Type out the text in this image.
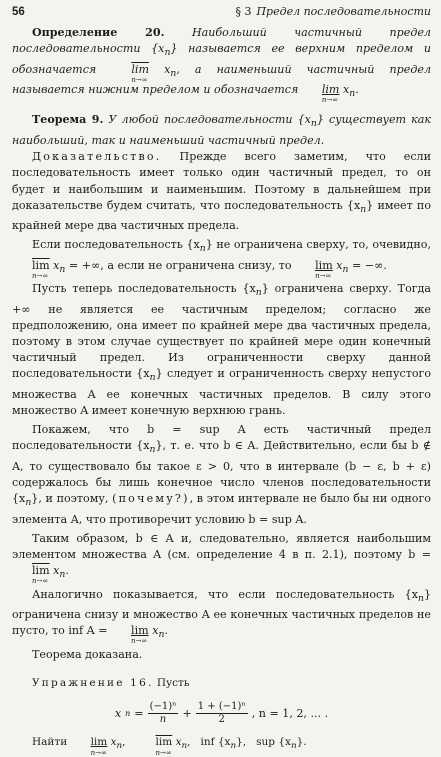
56	§ 3 Предел последовательности

Определение 20. Наибольший частичный предел последовательности $\{x_n\}$ называется ее верхним пределом и обозначается	$\overline{lim}$
n→∞
$x_n$, а наименьший частичный предел называется нижним пределом и обозначается lim
n→∞
$x_n$.

Теорема 9. У любой последовательности $\{x_n\}$ существует как наибольший, так и наименьший частичный предел.

Доказательство. Прежде всего заметим, что если последовательность имеет только один частичный предел, то он будет и наибольшим и наименьшим. Поэтому в дальнейшем при доказательстве будем считать, что последовательность $\{x_n\}$ имеет по крайней мере два частичных предела.

Если последовательность $\{x_n\}$ не ограничена сверху, то, очевидно, $\overline{lim}$
n→∞
$x_n$ = +∞, а если не ограничена снизу, то lim
n→∞
$x_n$ = −∞.

Пусть теперь последовательность $\{x_n\}$ ограничена сверху. Тогда +∞ не является ее частичным пределом; согласно же предположению, она имеет по крайней мере два частичных предела, поэтому в этом случае существует по крайней мере один конечный частичный предел. Из ограниченности сверху данной последовательности $\{x_n\}$ следует и ограниченность сверху непустого множества A ее конечных частичных пределов. В силу этого множество A имеет конечную верхнюю грань.

Покажем, что b = sup A есть частичный предел последовательности $\{x_n\}$, т. е. что b ∈ A. Действительно, если бы b ∉ A, то существовало бы такое ε > 0, что в интервале (b − ε, b + ε) содержалось бы лишь конечное число членов последовательности $\{x_n\}$, и поэтому, (почему?), в этом интервале не было бы ни одного элемента A, что противоречит условию b = sup A.

Таким образом, b ∈ A и, следовательно, является наибольшим элементом множества A (см. определение 4 в п. 2.1), поэтому $b = \overline{lim}$
n→∞
$x_n$.

Аналогично показывается, что если последовательность $\{x_n\}$ ограничена снизу и множество A ее конечных частичных пределов не пусто, то inf A = lim
n→∞
$x_n$.

Теорема доказана.

Упражнение 16. Пусть

x $n = \frac{\text{(−1)ⁿ}}{n} + \frac{\text{1 + (−1)ⁿ}}{2}$ , n = 1, 2, ... .

Найти lim
n→∞
$x_n$,   $\overline{lim}$
n→∞
$x_n$,   inf $\{x_n\}$,   sup $\{x_n\}$.
